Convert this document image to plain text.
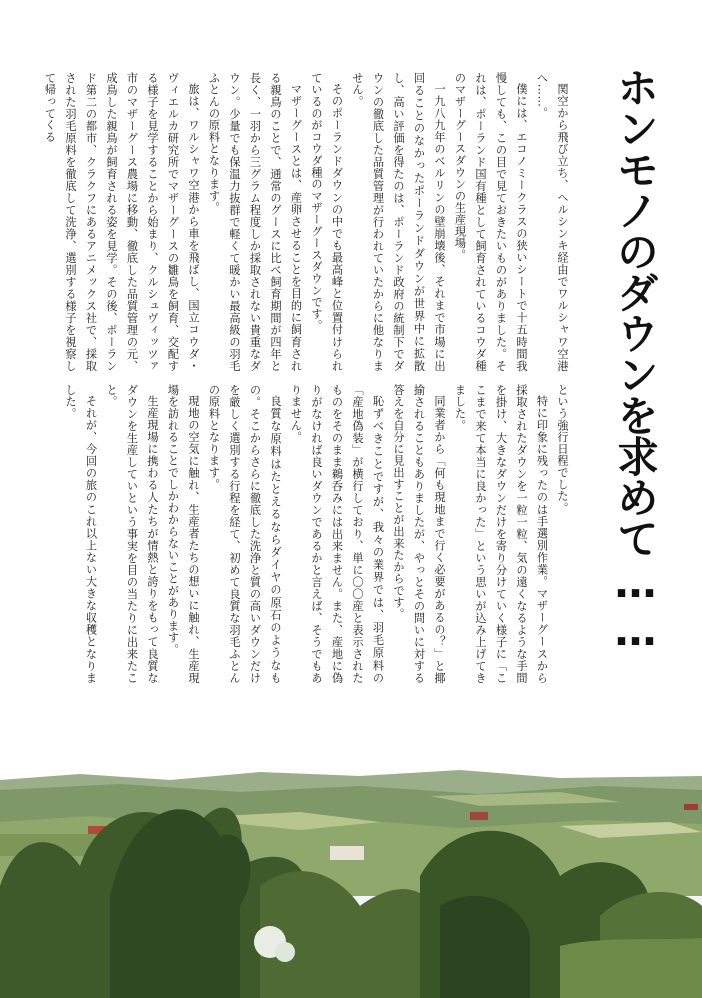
ホンモノのダウンを求めて……

関空から飛び立ち、ヘルシンキ経由でワルシャワ空港へ……。

僕には、エコノミークラスの狭いシートで十五時間我慢しても、この目で見ておきたいものがありました。それは、ポーランド国有種として飼育されているコウダ種のマザーグースダウンの生産現場。

一九八九年のベルリンの壁崩壊後、それまで市場に出回ることのなかったポーランドダウンが世界中に拡散し、高い評価を得たのは、ポーランド政府の統制下でダウンの徹底した品質管理が行われていたからに他なりません。

そのポーランドダウンの中でも最高峰と位置付けられているのがコウダ種のマザーグースダウンです。

マザーグースとは、産卵させることを目的に飼育される親鳥のことで、通常のグースに比べ飼育期間が四年と長く、一羽から三グラム程度しか採取されない貴重なダウン。少量でも保温力抜群で軽くて暖かい最高級の羽毛ふとんの原料となります。

旅は、ワルシャワ空港から車を飛ばし、国立コウダ・ヴィエルカ研究所でマザーグースの雛鳥を飼育、交配する様子を見学することから始まり、クルシュヴィッツァ市のマザーグース農場に移動、徹底した品質管理の元、成鳥した親鳥が飼育される姿を見学。その後、ポーランド第二の都市、クラクフにあるアニメックス社で、採取された羽毛原料を徹底して洗浄、選別する様子を視察して帰ってくる

という強行日程でした。

特に印象に残ったのは手選別作業。マザーグースから採取されたダウンを一粒一粒、気の遠くなるような手間を掛け、大きなダウンだけを寄り分けていく様子に「ここまで来て本当に良かった」という思いが込み上げてきました。

同業者から「何も現地まで行く必要があるの？」と揶揄されることもありましたが、やっとその問いに対する答えを自分に見出すことが出来たからです。

恥ずべきことですが、我々の業界では、羽毛原料の「産地偽装」が横行しており、単に〇〇産と表示されたものをそのまま鵜呑みには出来ません。また、産地に偽りがなければ良いダウンであるかと言えば、そうでもありません。

良質な原料はたとえるならダイヤの原石のようなもの。そこからさらに徹底した洗浄と質の高いダウンだけを厳しく選別する行程を経て、初めて良質な羽毛ふとんの原料となります。

現地の空気に触れ、生産者たちの想いに触れ、生産現場を訪れることでしかわからないことがあります。

生産現場に携わる人たちが情熱と誇りをもって良質なダウンを生産していという事実を目の当たりに出来たこと。

それが、今回の旅のこれ以上ない大きな収穫となりました。
